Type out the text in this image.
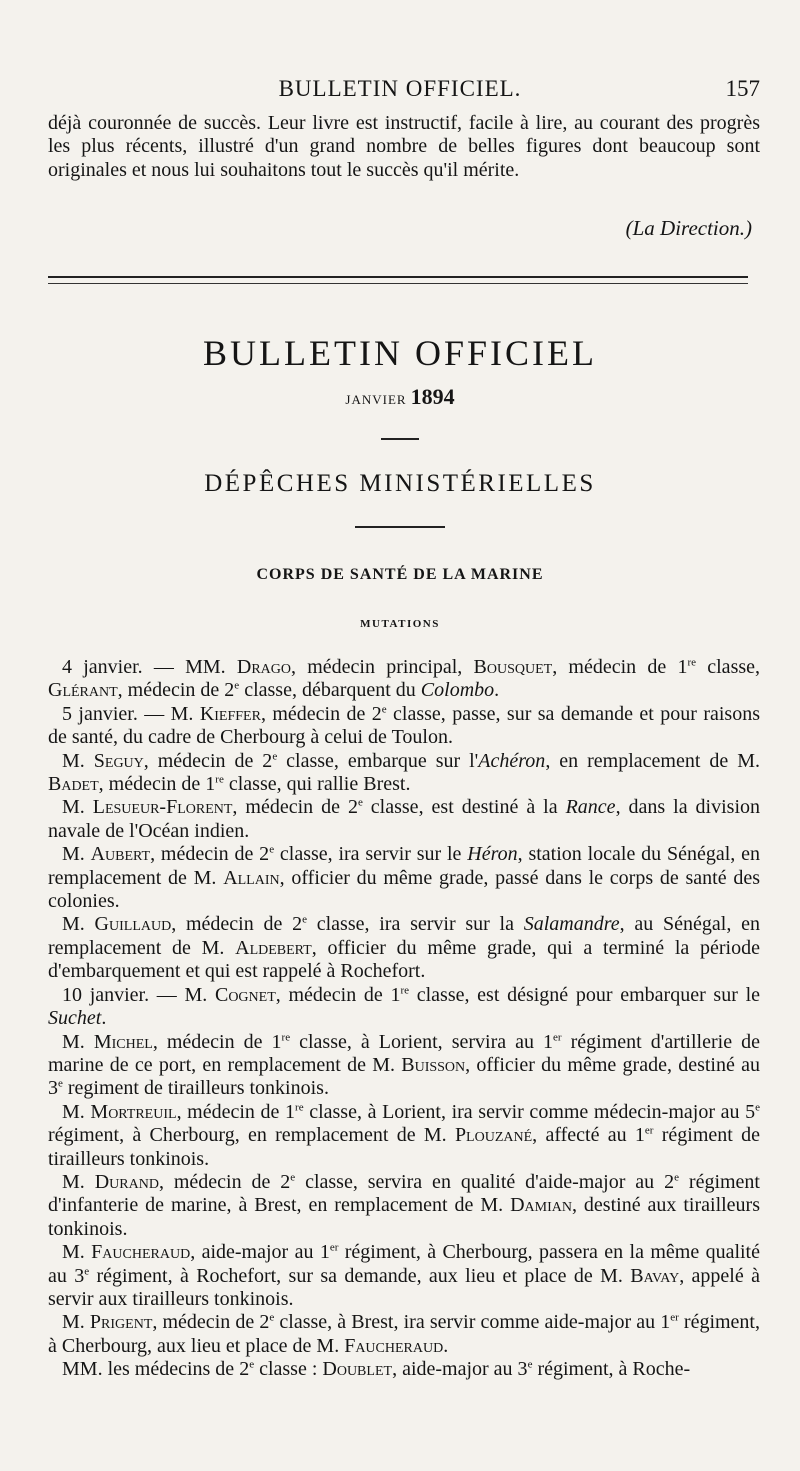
BULLETIN OFFICIEL.	157

déjà couronnée de succès. Leur livre est instructif, facile à lire, au courant des progrès les plus récents, illustré d'un grand nombre de belles figures dont beaucoup sont originales et nous lui souhaitons tout le succès qu'il mérite.

(La Direction.)
BULLETIN OFFICIEL
JANVIER 1894
DÉPÊCHES MINISTÉRIELLES
CORPS DE SANTÉ DE LA MARINE
MUTATIONS

4 janvier. — MM. Drago, médecin principal, Bousquet, médecin de 1re classe, Glérant, médecin de 2e classe, débarquent du Colombo.

5 janvier. — M. Kieffer, médecin de 2e classe, passe, sur sa demande et pour raisons de santé, du cadre de Cherbourg à celui de Toulon.

M. Seguy, médecin de 2e classe, embarque sur l'Achéron, en remplacement de M. Badet, médecin de 1re classe, qui rallie Brest.

M. Lesueur-Florent, médecin de 2e classe, est destiné à la Rance, dans la division navale de l'Océan indien.

M. Aubert, médecin de 2e classe, ira servir sur le Héron, station locale du Sénégal, en remplacement de M. Allain, officier du même grade, passé dans le corps de santé des colonies.

M. Guillaud, médecin de 2e classe, ira servir sur la Salamandre, au Sénégal, en remplacement de M. Aldebert, officier du même grade, qui a terminé la période d'embarquement et qui est rappelé à Rochefort.

10 janvier. — M. Cognet, médecin de 1re classe, est désigné pour embarquer sur le Suchet.

M. Michel, médecin de 1re classe, à Lorient, servira au 1er régiment d'artillerie de marine de ce port, en remplacement de M. Buisson, officier du même grade, destiné au 3e regiment de tirailleurs tonkinois.

M. Mortreuil, médecin de 1re classe, à Lorient, ira servir comme médecin-major au 5e régiment, à Cherbourg, en remplacement de M. Plouzané, affecté au 1er régiment de tirailleurs tonkinois.

M. Durand, médecin de 2e classe, servira en qualité d'aide-major au 2e régiment d'infanterie de marine, à Brest, en remplacement de M. Damian, destiné aux tirailleurs tonkinois.

M. Faucheraud, aide-major au 1er régiment, à Cherbourg, passera en la même qualité au 3e régiment, à Rochefort, sur sa demande, aux lieu et place de M. Bavay, appelé à servir aux tirailleurs tonkinois.

M. Prigent, médecin de 2e classe, à Brest, ira servir comme aide-major au 1er régiment, à Cherbourg, aux lieu et place de M. Faucheraud.

MM. les médecins de 2e classe : Doublet, aide-major au 3e régiment, à Roche-
